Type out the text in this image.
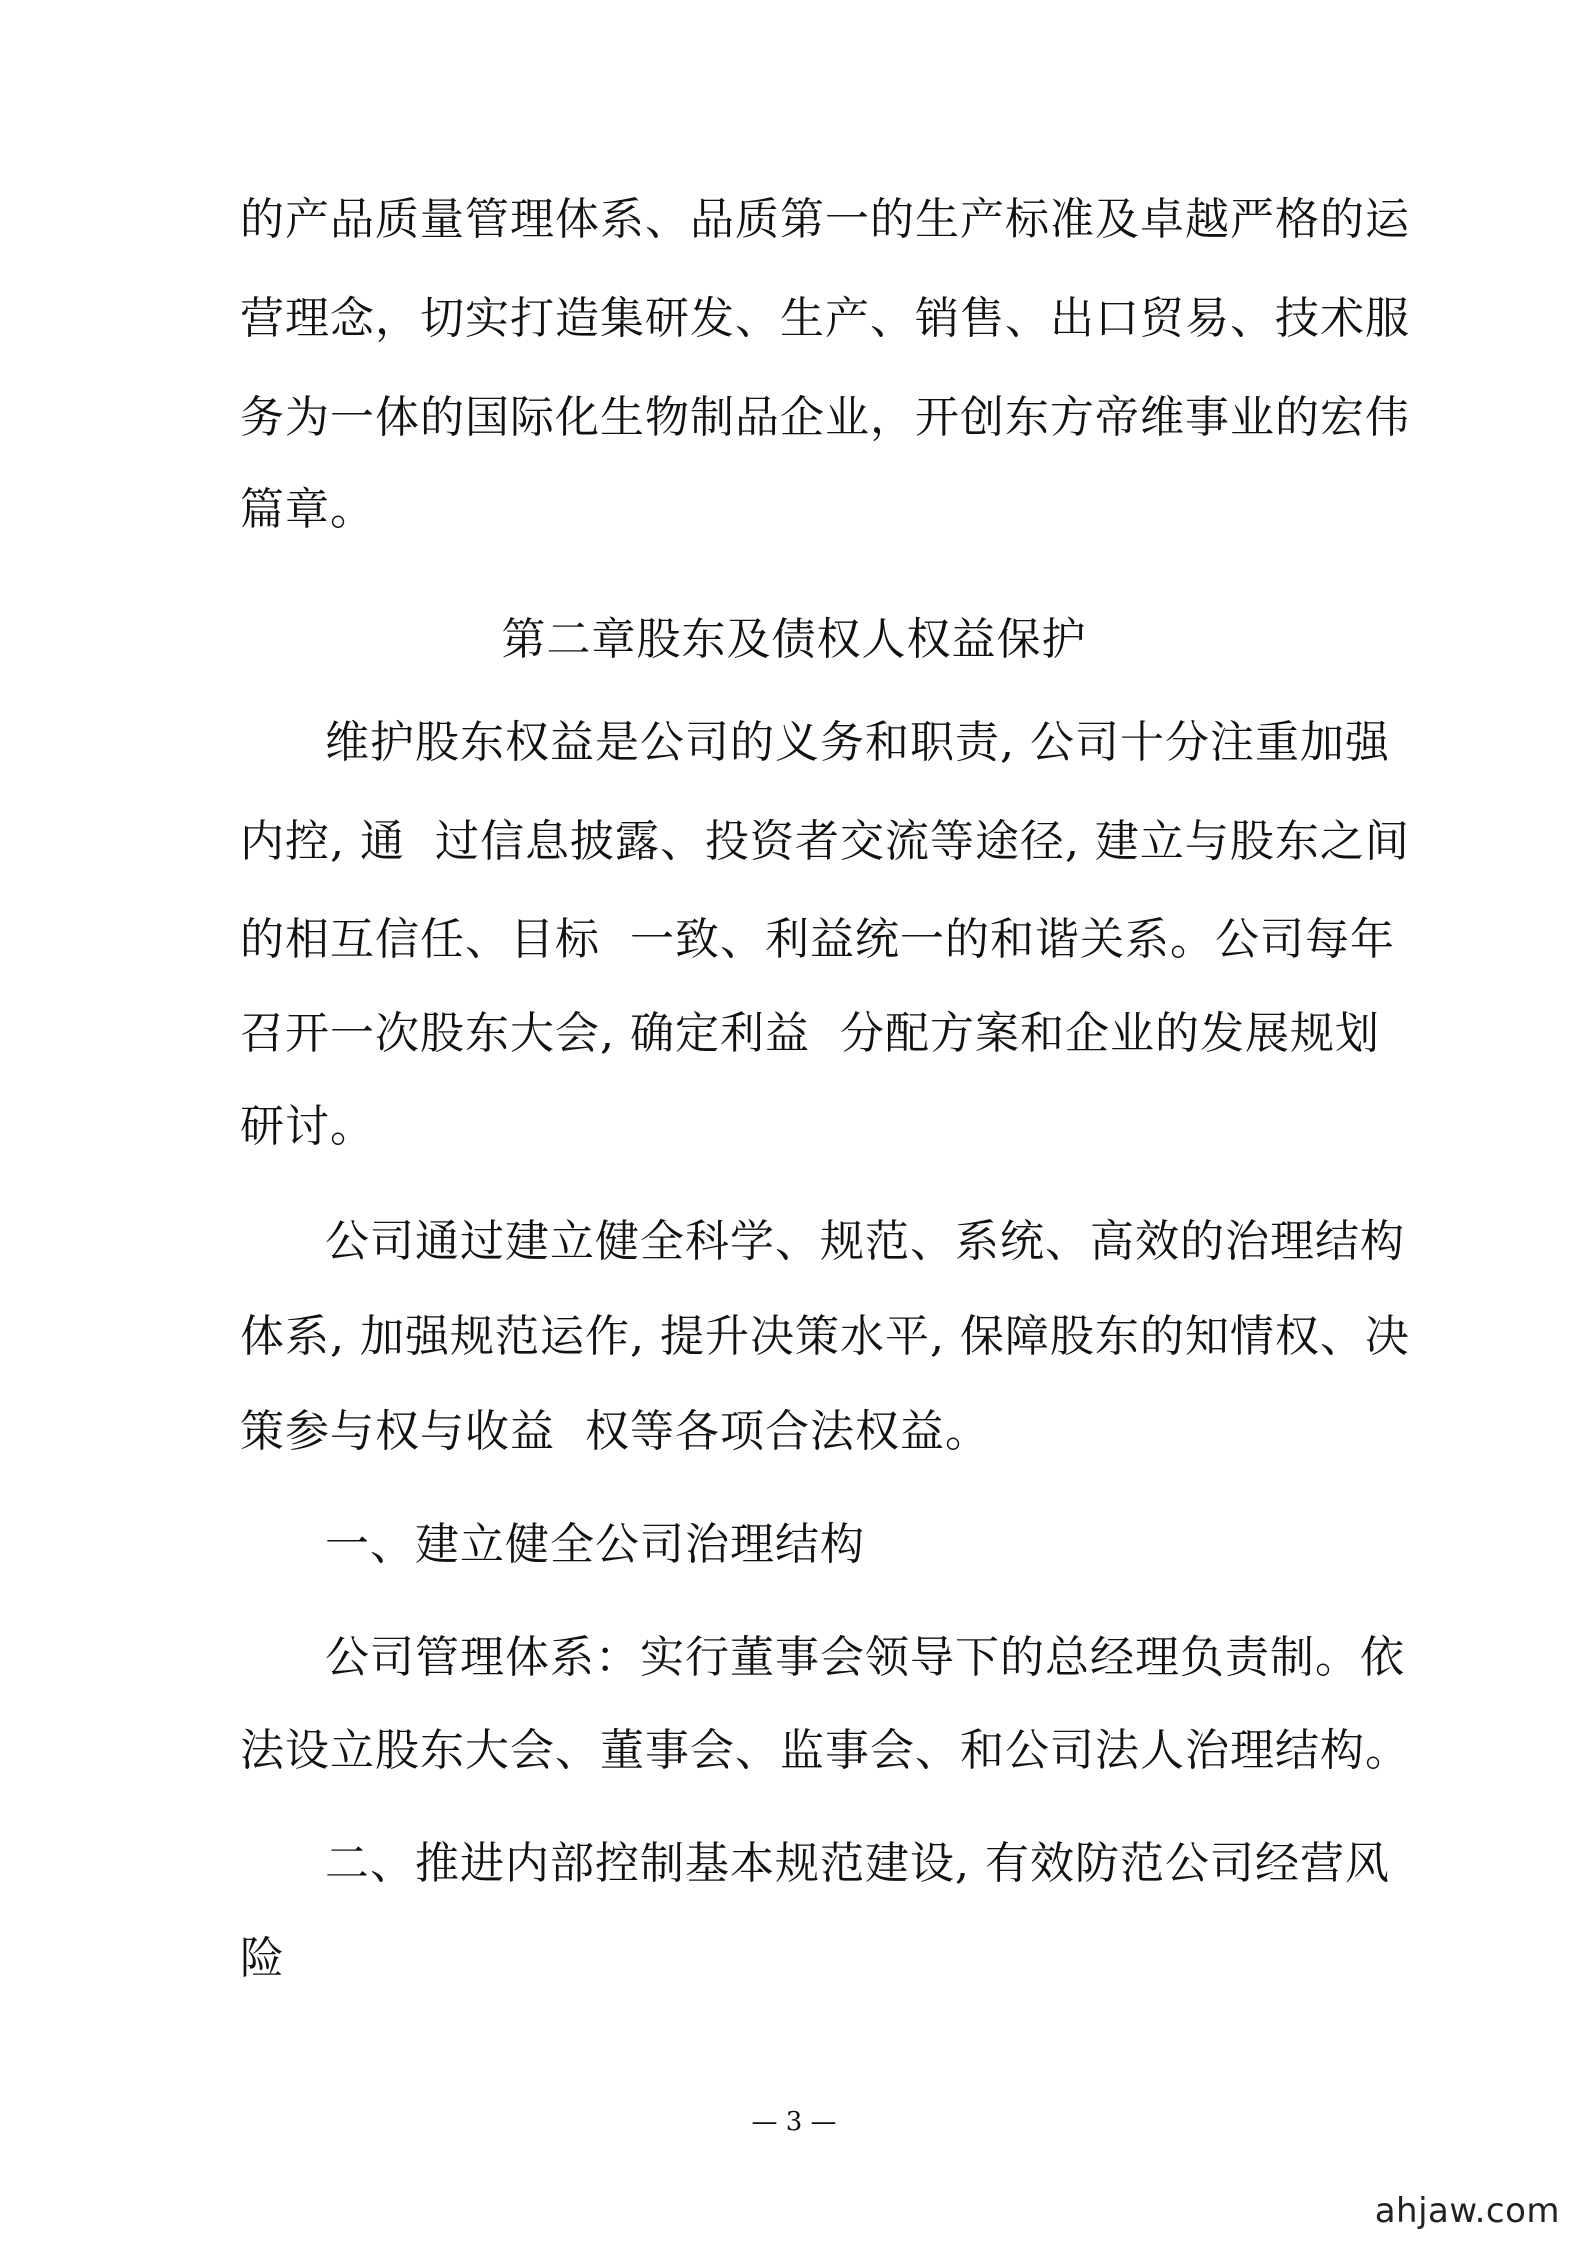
的产品质量管理体系、品质第一的生产标准及卓越严格的运
营理念，切实打造集研发、生产、销售、出口贸易、技术服
务为一体的国际化生物制品企业，开创东方帝维事业的宏伟
篇章。
第二章股东及债权人权益保护
维护股东权益是公司的义务和职责, 公司十分注重加强
内控, 通  过信息披露、投资者交流等途径, 建立与股东之间
的相互信任、目标  一致、利益统一的和谐关系。公司每年
召开一次股东大会, 确定利益  分配方案和企业的发展规划
研讨。
公司通过建立健全科学、规范、系统、高效的治理结构
体系, 加强规范运作, 提升决策水平, 保障股东的知情权、决
策参与权与收益  权等各项合法权益。
一、建立健全公司治理结构
公司管理体系：实行董事会领导下的总经理负责制。依
法设立股东大会、董事会、监事会、和公司法人治理结构。
二、推进内部控制基本规范建设, 有效防范公司经营风
险
— 3 —
ahjaw.com
